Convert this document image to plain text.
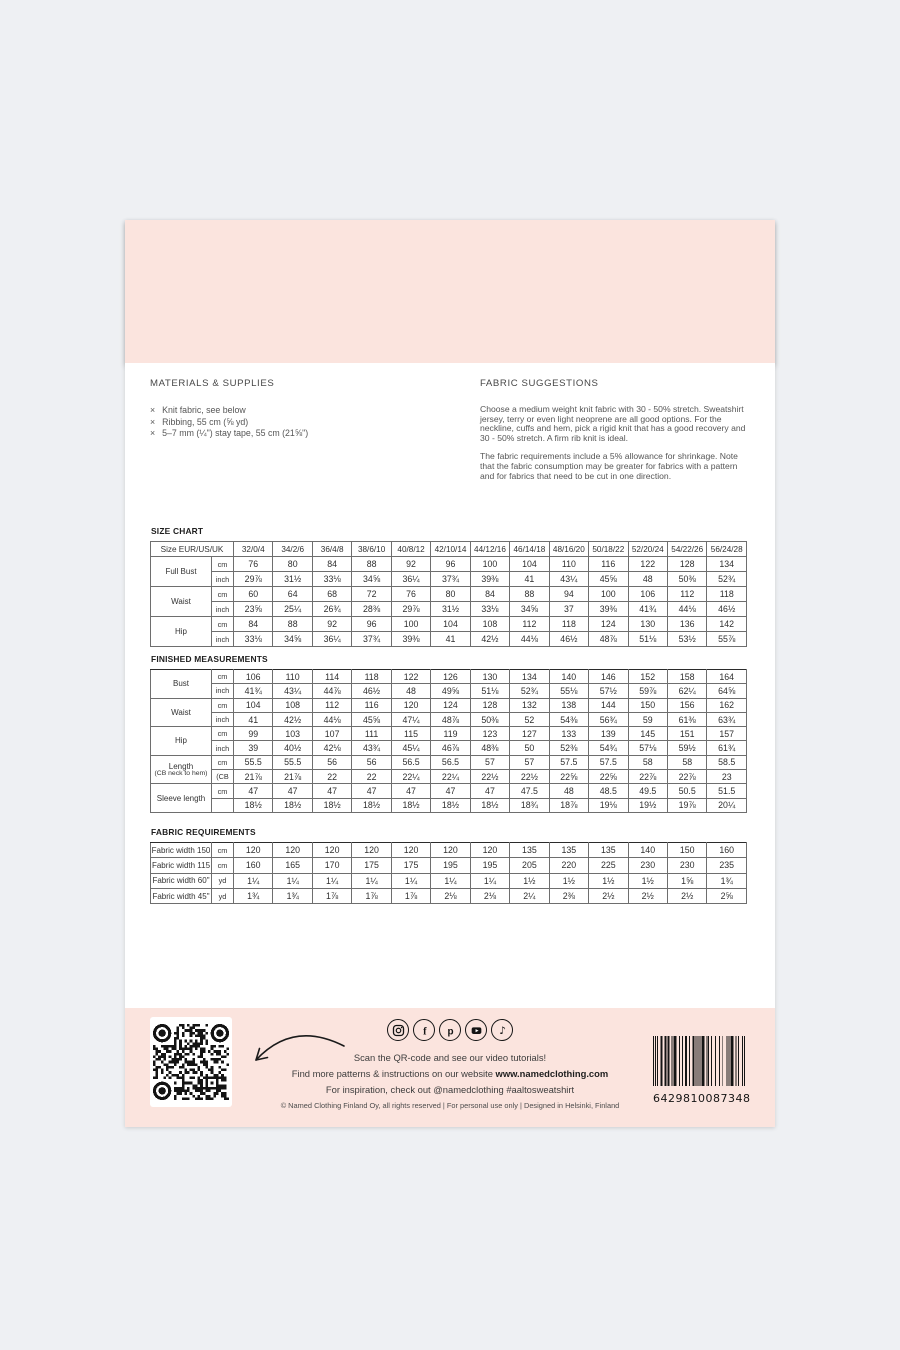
MATERIALS & SUPPLIES
× Knit fabric, see below
× Ribbing, 55 cm (⅝ yd)
× 5–7 mm (¼") stay tape, 55 cm (21⅝")
FABRIC SUGGESTIONS

Choose a medium weight knit fabric with 30 - 50% stretch. Sweatshirt jersey, terry or even light neoprene are all good options. For the neckline, cuffs and hem, pick a rigid knit that has a good recovery and 30 - 50% stretch. A firm rib knit is ideal.

The fabric requirements include a 5% allowance for shrinkage. Note that the fabric consumption may be greater for fabrics with a pattern and for fabrics that need to be cut in one direction.

SIZE CHART
Size EUR/US/UK		32/0/4	34/2/6	36/4/8	38/6/10	40/8/12	42/10/14	44/12/16	46/14/18	48/16/20	50/18/22	52/20/24	54/22/26	56/24/28
Full Bust	cm	76	80	84	88	92	96	100	104	110	116	122	128	134
	inch	29⅞	31½	33⅛	34⅝	36¼	37¾	39⅜	41	43¼	45⅝	48	50⅜	52¾
Waist	cm	60	64	68	72	76	80	84	88	94	100	106	112	118
	inch	23⅝	25¼	26¾	28⅜	29⅞	31½	33⅛	34⅝	37	39⅜	41¾	44⅛	46½
Hip	cm	84	88	92	96	100	104	108	112	118	124	130	136	142
	inch	33⅛	34⅝	36¼	37¾	39⅜	41	42½	44⅛	46½	48⅞	51⅛	53½	55⅞
FINISHED MEASUREMENTS
Bust	cm	106	110	114	118	122	126	130	134	140	146	152	158	164
	inch	41¾	43¼	44⅞	46½	48	49⅝	51⅛	52¾	55⅛	57½	59⅞	62¼	64⅝
Waist	cm	104	108	112	116	120	124	128	132	138	144	150	156	162
	inch	41	42½	44⅛	45⅝	47¼	48⅞	50⅜	52	54⅜	56¾	59	61⅜	63¾
Hip	cm	99	103	107	111	115	119	123	127	133	139	145	151	157
	inch	39	40½	42⅛	43¾	45¼	46⅞	48⅜	50	52⅜	54¾	57⅛	59½	61¾
Length
(CB neck to hem)	cm	55.5	55.5	56	56	56.5	56.5	57	57	57.5	57.5	58	58	58.5
	(CB	21⅞	21⅞	22	22	22¼	22¼	22½	22½	22⅝	22⅝	22⅞	22⅞	23
Sleeve length	cm	47	47	47	47	47	47	47	47.5	48	48.5	49.5	50.5	51.5
		18½	18½	18½	18½	18½	18½	18½	18¾	18⅞	19⅛	19½	19⅞	20¼
FABRIC REQUIREMENTS
Fabric width 150	cm	120	120	120	120	120	120	120	135	135	135	140	150	160
Fabric width 115	cm	160	165	170	175	175	195	195	205	220	225	230	230	235
Fabric width 60"	yd	1¼	1¼	1¼	1¼	1¼	1¼	1¼	1½	1½	1½	1½	1⅝	1¾
Fabric width 45"	yd	1¾	1¾	1⅞	1⅞	1⅞	2⅛	2⅛	2¼	2⅜	2½	2½	2½	2⅝
f p	♪
Scan the QR-code and see our video tutorials!
Find more patterns & instructions on our website www.namedclothing.com
For inspiration, check out @namedclothing #aaltosweatshirt
© Named Clothing Finland Oy, all rights reserved | For personal use only | Designed in Helsinki, Finland
6429810087348
